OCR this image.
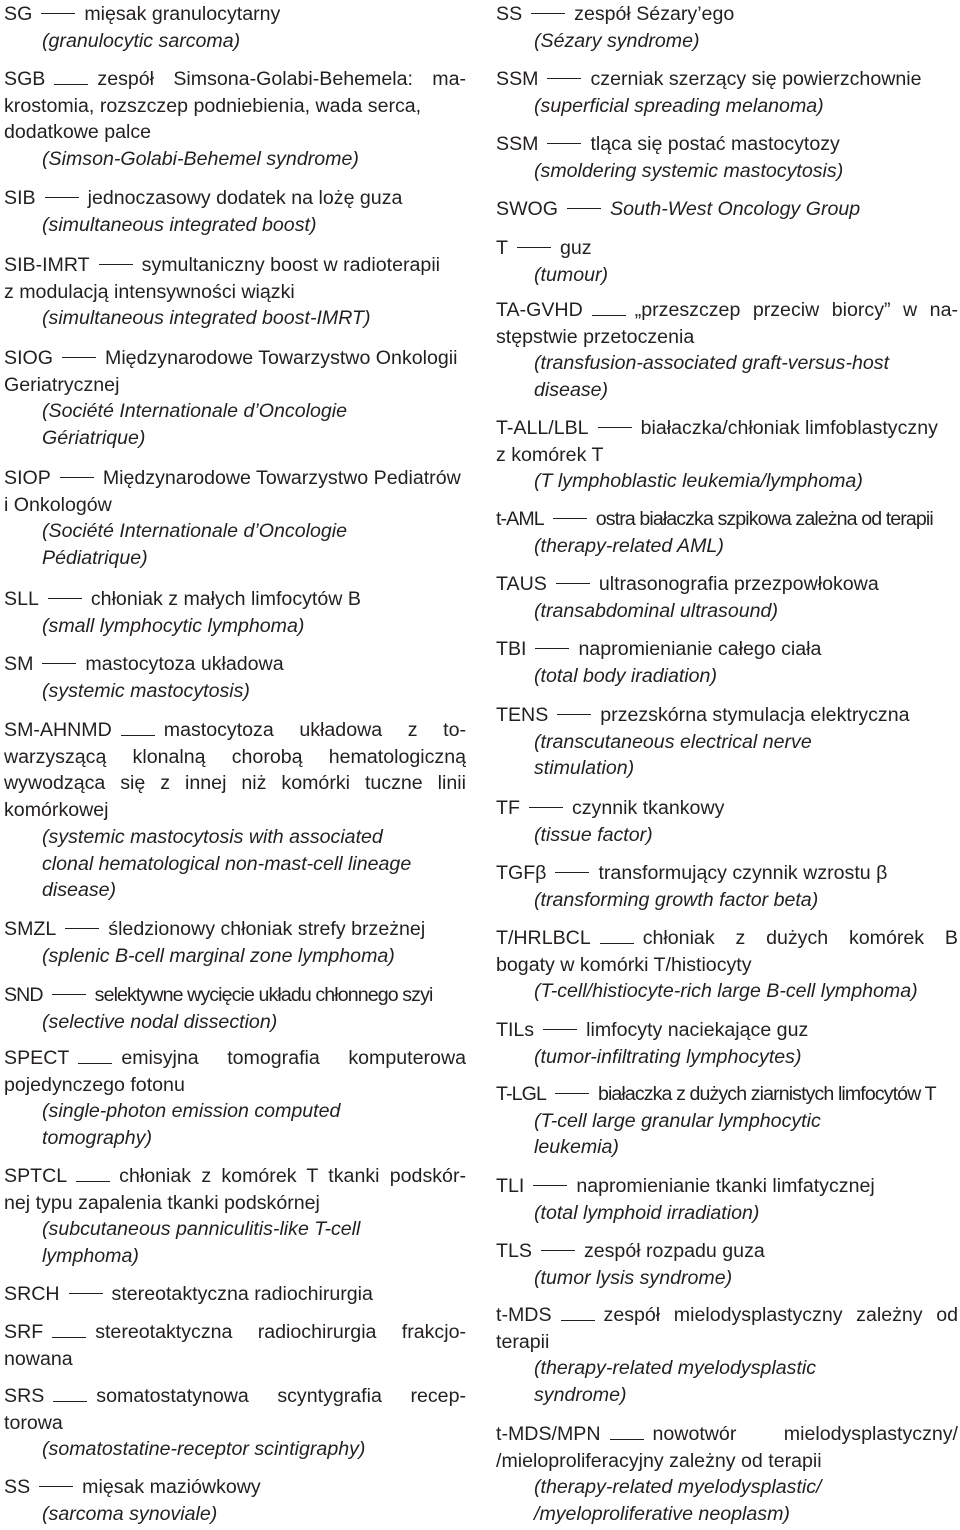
SG	mięsak granulocytarny
(granulocytic sarcoma)
SGB	zespół Simsona-Golabi-Behemela: ma-
krostomia, rozszczep podniebienia, wada serca,
dodatkowe palce
(Simson-Golabi-Behemel syndrome)
SIB	jednoczasowy dodatek na lożę guza
(simultaneous integrated boost)
SIB-IMRT	symultaniczny boost w radioterapii
z modulacją intensywności wiązki
(simultaneous integrated boost-IMRT)
SIOG	Międzynarodowe Towarzystwo Onkologii
Geriatrycznej
(Société Internationale d’Oncologie
Gériatrique)
SIOP	Międzynarodowe Towarzystwo Pediatrów
i Onkologów
(Société Internationale d’Oncologie
Pédiatrique)
SLL	chłoniak z małych limfocytów B
(small lymphocytic lymphoma)
SM	mastocytoza układowa
(systemic mastocytosis)
SM-AHNMD	mastocytoza układowa z to-
warzyszącą klonalną chorobą hematologiczną
wywodząca się z innej niż komórki tuczne linii
komórkowej
(systemic mastocytosis with associated
clonal hematological non-mast-cell lineage
disease)
SMZL	śledzionowy chłoniak strefy brzeżnej
(splenic B-cell marginal zone lymphoma)
SND	selektywne wycięcie układu chłonnego szyi
(selective nodal dissection)
SPECT	emisyjna tomografia komputerowa
pojedynczego fotonu
(single-photon emission computed
tomography)
SPTCL	chłoniak z komórek T tkanki podskór-
nej typu zapalenia tkanki podskórnej
(subcutaneous panniculitis-like T-cell
lymphoma)
SRCH	stereotaktyczna radiochirurgia
SRF	stereotaktyczna radiochirurgia frakcjo-
nowana
SRS	somatostatynowa scyntygrafia recep-
torowa
(somatostatine-receptor scintigraphy)
SS	mięsak maziówkowy
(sarcoma synoviale)
SS	zespół Sézary’ego
(Sézary syndrome)
SSM	czerniak szerzący się powierzchownie
(superficial spreading melanoma)
SSM	tląca się postać mastocytozy
(smoldering systemic mastocytosis)
SWOG	South-West Oncology Group
T	guz
(tumour)
TA-GVHD	„przeszczep przeciw biorcy” w na-
stępstwie przetoczenia
(transfusion-associated graft-versus-host
disease)
T-ALL/LBL	białaczka/chłoniak limfoblastyczny
z komórek T
(T lymphoblastic leukemia/lymphoma)
t-AML	ostra białaczka szpikowa zależna od terapii
(therapy-related AML)
TAUS	ultrasonografia przezpowłokowa
(transabdominal ultrasound)
TBI	napromienianie całego ciała
(total body iradiation)
TENS	przezskórna stymulacja elektryczna
(transcutaneous electrical nerve
stimulation)
TF	czynnik tkankowy
(tissue factor)
TGFβ	transformujący czynnik wzrostu β
(transforming growth factor beta)
T/HRLBCL	chłoniak z dużych komórek B
bogaty w komórki T/histiocyty
(T-cell/histiocyte-rich large B-cell lymphoma)
TILs	limfocyty naciekające guz
(tumor-infiltrating lymphocytes)
T-LGL	białaczka z dużych ziarnistych limfocytów T
(T-cell large granular lymphocytic
leukemia)
TLI	napromienianie tkanki limfatycznej
(total lymphoid irradiation)
TLS	zespół rozpadu guza
(tumor lysis syndrome)
t-MDS	zespół mielodysplastyczny zależny od
terapii
(therapy-related myelodysplastic
syndrome)
t-MDS/MPN	nowotwór mielodysplastyczny/
/mieloproliferacyjny zależny od terapii
(therapy-related myelodysplastic/
/myeloproliferative neoplasm)
